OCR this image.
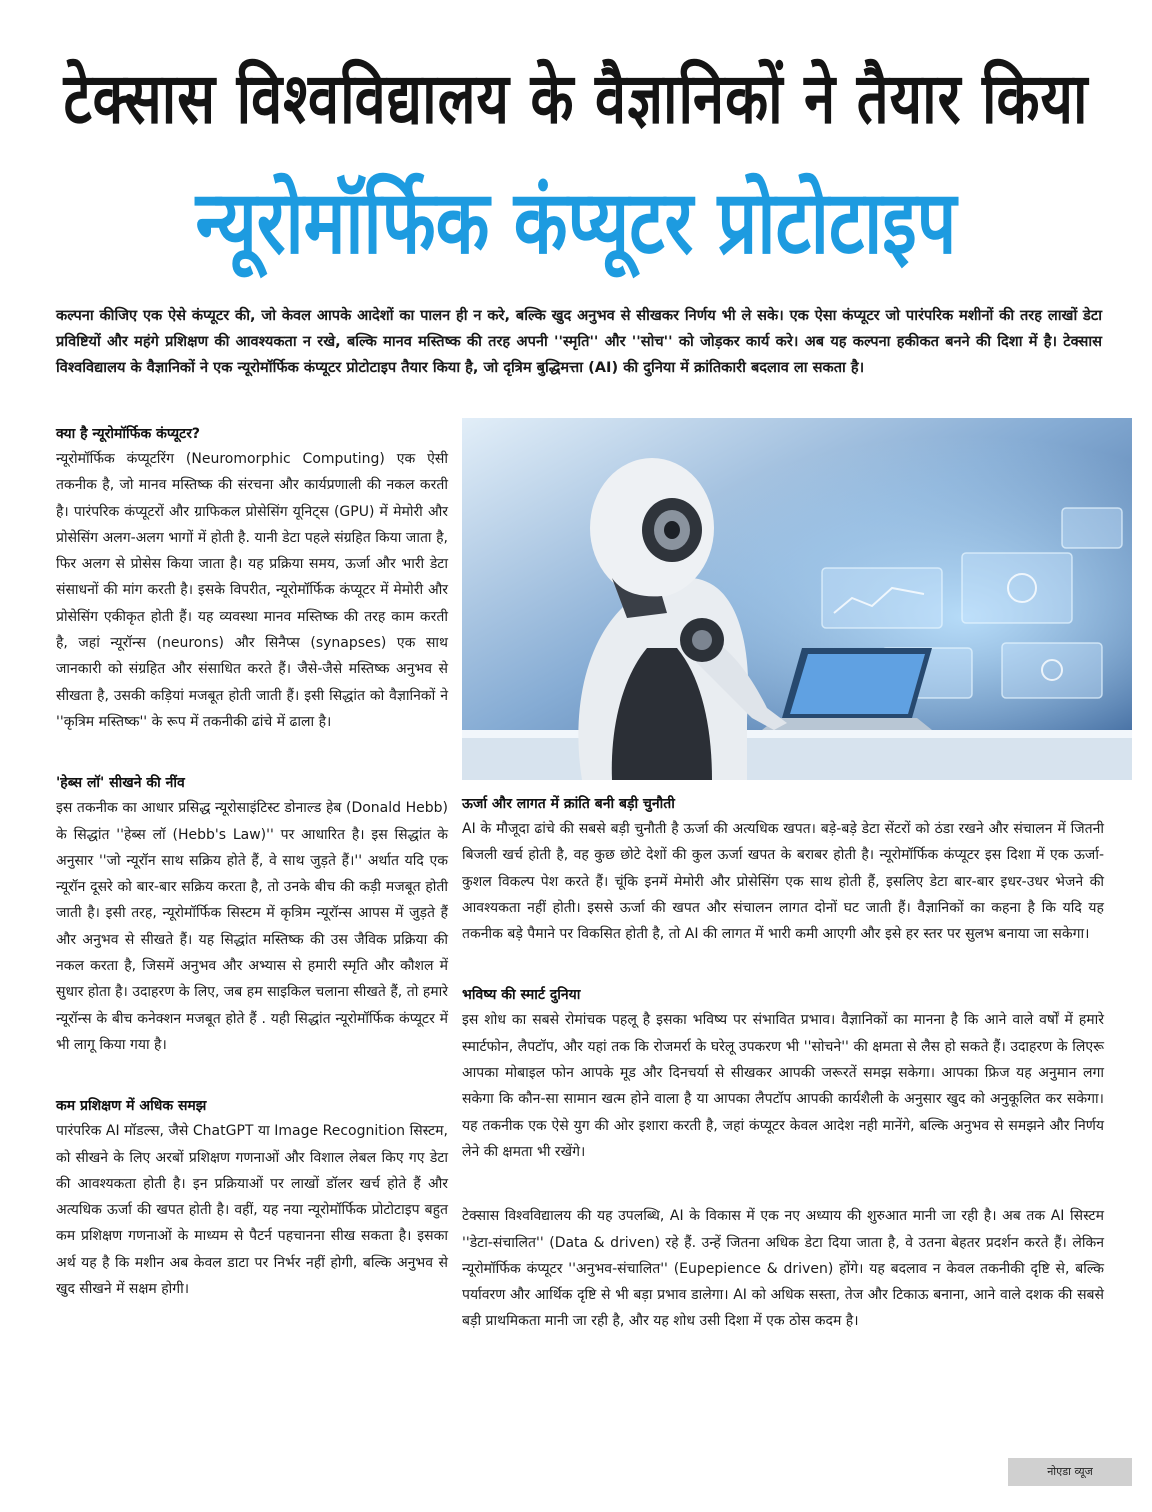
टेक्सास विश्वविद्यालय के वैज्ञानिकों ने तैयार किया
न्यूरोमॉर्फिक कंप्यूटर प्रोटोटाइप

कल्पना कीजिए एक ऐसे कंप्यूटर की, जो केवल आपके आदेशों का पालन ही न करे, बल्कि खुद अनुभव से सीखकर निर्णय भी ले सके। एक ऐसा कंप्यूटर जो पारंपरिक मशीनों की तरह लाखों डेटा प्रविष्टियों और महंगे प्रशिक्षण की आवश्यकता न रखे, बल्कि मानव मस्तिष्क की तरह अपनी ''स्मृति'' और ''सोच'' को जोड़कर कार्य करे। अब यह कल्पना हकीकत बनने की दिशा में है। टेक्सास विश्वविद्यालय के वैज्ञानिकों ने एक न्यूरोमॉर्फिक कंप्यूटर प्रोटोटाइप तैयार किया है, जो दृत्रिम बुद्धिमत्ता (AI) की दुनिया में क्रांतिकारी बदलाव ला सकता है।

क्या है न्यूरोमॉर्फिक कंप्यूटर?

न्यूरोमॉर्फिक कंप्यूटरिंग (Neuromorphic Computing) एक ऐसी तकनीक है, जो मानव मस्तिष्क की संरचना और कार्यप्रणाली की नकल करती है। पारंपरिक कंप्यूटरों और ग्राफिकल प्रोसेसिंग यूनिट्स (GPU) में मेमोरी और प्रोसेसिंग अलग-अलग भागों में होती है. यानी डेटा पहले संग्रहित किया जाता है, फिर अलग से प्रोसेस किया जाता है। यह प्रक्रिया समय, ऊर्जा और भारी डेटा संसाधनों की मांग करती है। इसके विपरीत, न्यूरोमॉर्फिक कंप्यूटर में मेमोरी और प्रोसेसिंग एकीकृत होती हैं। यह व्यवस्था मानव मस्तिष्क की तरह काम करती है, जहां न्यूरॉन्स (neurons) और सिनैप्स (synapses) एक साथ जानकारी को संग्रहित और संसाधित करते हैं। जैसे-जैसे मस्तिष्क अनुभव से सीखता है, उसकी कड़ियां मजबूत होती जाती हैं। इसी सिद्धांत को वैज्ञानिकों ने ''कृत्रिम मस्तिष्क'' के रूप में तकनीकी ढांचे में ढाला है।

'हेब्स लॉ' सीखने की नींव

इस तकनीक का आधार प्रसिद्ध न्यूरोसाइंटिस्ट डोनाल्ड हेब (Donald Hebb) के सिद्धांत ''हेब्स लॉ (Hebb's Law)'' पर आधारित है। इस सिद्धांत के अनुसार ''जो न्यूरॉन साथ सक्रिय होते हैं, वे साथ जुड़ते हैं।'' अर्थात यदि एक न्यूरॉन दूसरे को बार-बार सक्रिय करता है, तो उनके बीच की कड़ी मजबूत होती जाती है। इसी तरह, न्यूरोमॉर्फिक सिस्टम में कृत्रिम न्यूरॉन्स आपस में जुड़ते हैं और अनुभव से सीखते हैं। यह सिद्धांत मस्तिष्क की उस जैविक प्रक्रिया की नकल करता है, जिसमें अनुभव और अभ्यास से हमारी स्मृति और कौशल में सुधार होता है। उदाहरण के लिए, जब हम साइकिल चलाना सीखते हैं, तो हमारे न्यूरॉन्स के बीच कनेक्शन मजबूत होते हैं . यही सिद्धांत न्यूरोमॉर्फिक कंप्यूटर में भी लागू किया गया है।

कम प्रशिक्षण में अधिक समझ

पारंपरिक AI मॉडल्स, जैसे ChatGPT या Image Recognition सिस्टम, को सीखने के लिए अरबों प्रशिक्षण गणनाओं और विशाल लेबल किए गए डेटा की आवश्यकता होती है। इन प्रक्रियाओं पर लाखों डॉलर खर्च होते हैं और अत्यधिक ऊर्जा की खपत होती है। वहीं, यह नया न्यूरोमॉर्फिक प्रोटोटाइप बहुत कम प्रशिक्षण गणनाओं के माध्यम से पैटर्न पहचानना सीख सकता है। इसका अर्थ यह है कि मशीन अब केवल डाटा पर निर्भर नहीं होगी, बल्कि अनुभव से खुद सीखने में सक्षम होगी।

ऊर्जा और लागत में क्रांति बनी बड़ी चुनौती

AI के मौजूदा ढांचे की सबसे बड़ी चुनौती है ऊर्जा की अत्यधिक खपत। बड़े-बड़े डेटा सेंटरों को ठंडा रखने और संचालन में जितनी बिजली खर्च होती है, वह कुछ छोटे देशों की कुल ऊर्जा खपत के बराबर होती है। न्यूरोमॉर्फिक कंप्यूटर इस दिशा में एक ऊर्जा-कुशल विकल्प पेश करते हैं। चूंकि इनमें मेमोरी और प्रोसेसिंग एक साथ होती हैं, इसलिए डेटा बार-बार इधर-उधर भेजने की आवश्यकता नहीं होती। इससे ऊर्जा की खपत और संचालन लागत दोनों घट जाती हैं। वैज्ञानिकों का कहना है कि यदि यह तकनीक बड़े पैमाने पर विकसित होती है, तो AI की लागत में भारी कमी आएगी और इसे हर स्तर पर सुलभ बनाया जा सकेगा।

भविष्य की स्मार्ट दुनिया

इस शोध का सबसे रोमांचक पहलू है इसका भविष्य पर संभावित प्रभाव। वैज्ञानिकों का मानना है कि आने वाले वर्षों में हमारे स्मार्टफोन, लैपटॉप, और यहां तक कि रोजमर्रा के घरेलू उपकरण भी ''सोचने'' की क्षमता से लैस हो सकते हैं। उदाहरण के लिएरू आपका मोबाइल फोन आपके मूड और दिनचर्या से सीखकर आपकी जरूरतें समझ सकेगा। आपका फ्रिज यह अनुमान लगा सकेगा कि कौन-सा सामान खत्म होने वाला है या आपका लैपटॉप आपकी कार्यशैली के अनुसार खुद को अनुकूलित कर सकेगा। यह तकनीक एक ऐसे युग की ओर इशारा करती है, जहां कंप्यूटर केवल आदेश नही मानेंगे, बल्कि अनुभव से समझने और निर्णय लेने की क्षमता भी रखेंगे।

टेक्सास विश्वविद्यालय की यह उपलब्धि, AI के विकास में एक नए अध्याय की शुरुआत मानी जा रही है। अब तक AI सिस्टम ''डेटा-संचालित'' (Data & driven) रहे हैं. उन्हें जितना अधिक डेटा दिया जाता है, वे उतना बेहतर प्रदर्शन करते हैं। लेकिन न्यूरोमॉर्फिक कंप्यूटर ''अनुभव-संचालित'' (Eupерience & driven) होंगे। यह बदलाव न केवल तकनीकी दृष्टि से, बल्कि पर्यावरण और आर्थिक दृष्टि से भी बड़ा प्रभाव डालेगा। AI को अधिक सस्ता, तेज और टिकाऊ बनाना, आने वाले दशक की सबसे बड़ी प्राथमिकता मानी जा रही है, और यह शोध उसी दिशा में एक ठोस कदम है।

नोएडा व्यूज
